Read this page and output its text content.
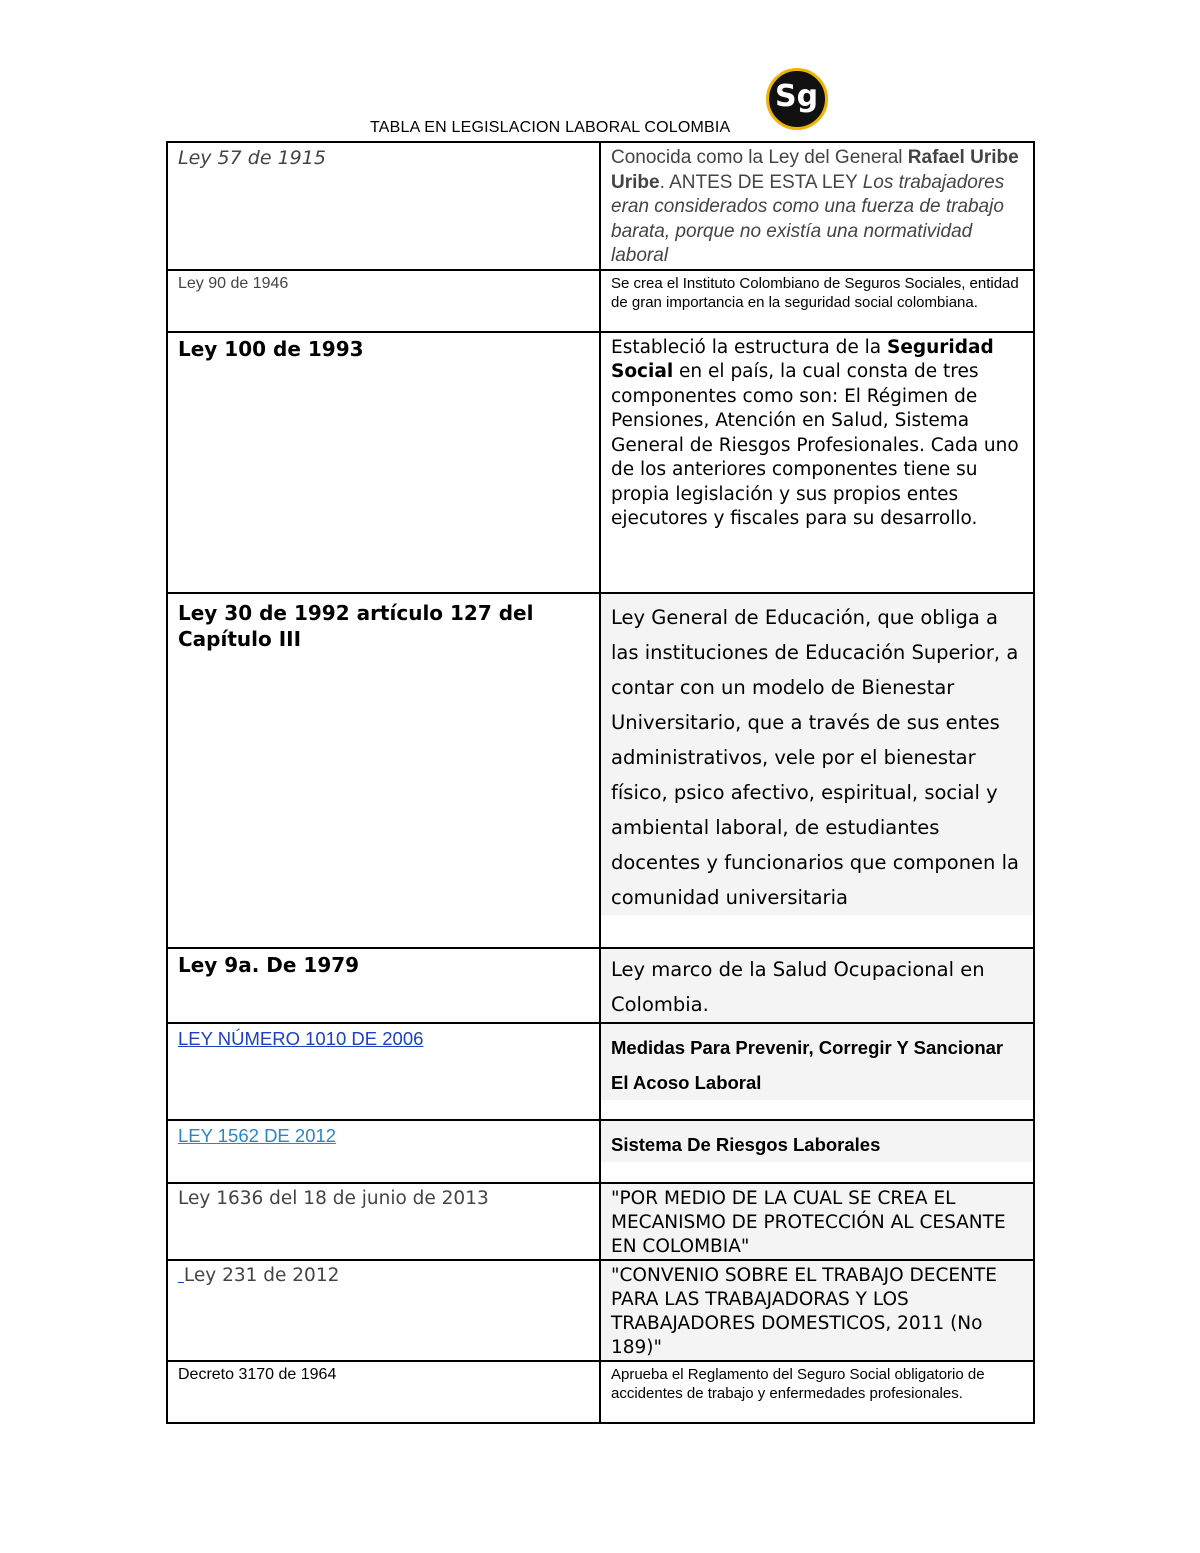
Sg
TABLA EN LEGISLACION LABORAL COLOMBIA
Ley 57 de 1915	Conocida como la Ley del General Rafael Uribe Uribe. ANTES DE ESTA LEY Los trabajadores eran considerados como una fuerza de trabajo barata, porque no existía una normatividad laboral

Ley 90 de 1946	Se crea el Instituto Colombiano de Seguros Sociales, entidad de gran importancia en la seguridad social colombiana.

Ley 100 de 1993	Estableció la estructura de la Seguridad Social en el país, la cual consta de tres componentes como son: El Régimen de Pensiones, Atención en Salud, Sistema General de Riesgos Profesionales. Cada uno de los anteriores componentes tiene su propia legislación y sus propios entes ejecutores y fiscales para su desarrollo.

Ley 30 de 1992 artículo 127 del Capítulo III	Ley General de Educación, que obliga a las instituciones de Educación Superior, a contar con un modelo de Bienestar Universitario, que a través de sus entes administrativos, vele por el bienestar físico, psico afectivo, espiritual, social y ambiental laboral, de estudiantes docentes y funcionarios que componen la comunidad universitaria

Ley 9a. De 1979	Ley marco de la Salud Ocupacional en Colombia.

LEY NÚMERO 1010 DE 2006	Medidas Para Prevenir, Corregir Y Sancionar El Acoso Laboral

LEY 1562 DE 2012	Sistema De Riesgos Laborales

Ley 1636 del 18 de junio de 2013	"POR MEDIO DE LA CUAL SE CREA EL MECANISMO DE PROTECCIÓN AL CESANTE EN COLOMBIA"

Ley 231 de 2012	"CONVENIO SOBRE EL TRABAJO DECENTE PARA LAS TRABAJADORAS Y LOS TRABAJADORES DOMESTICOS, 2011 (No 189)"

Decreto 3170 de 1964	Aprueba el Reglamento del Seguro Social obligatorio de accidentes de trabajo y enfermedades profesionales.
